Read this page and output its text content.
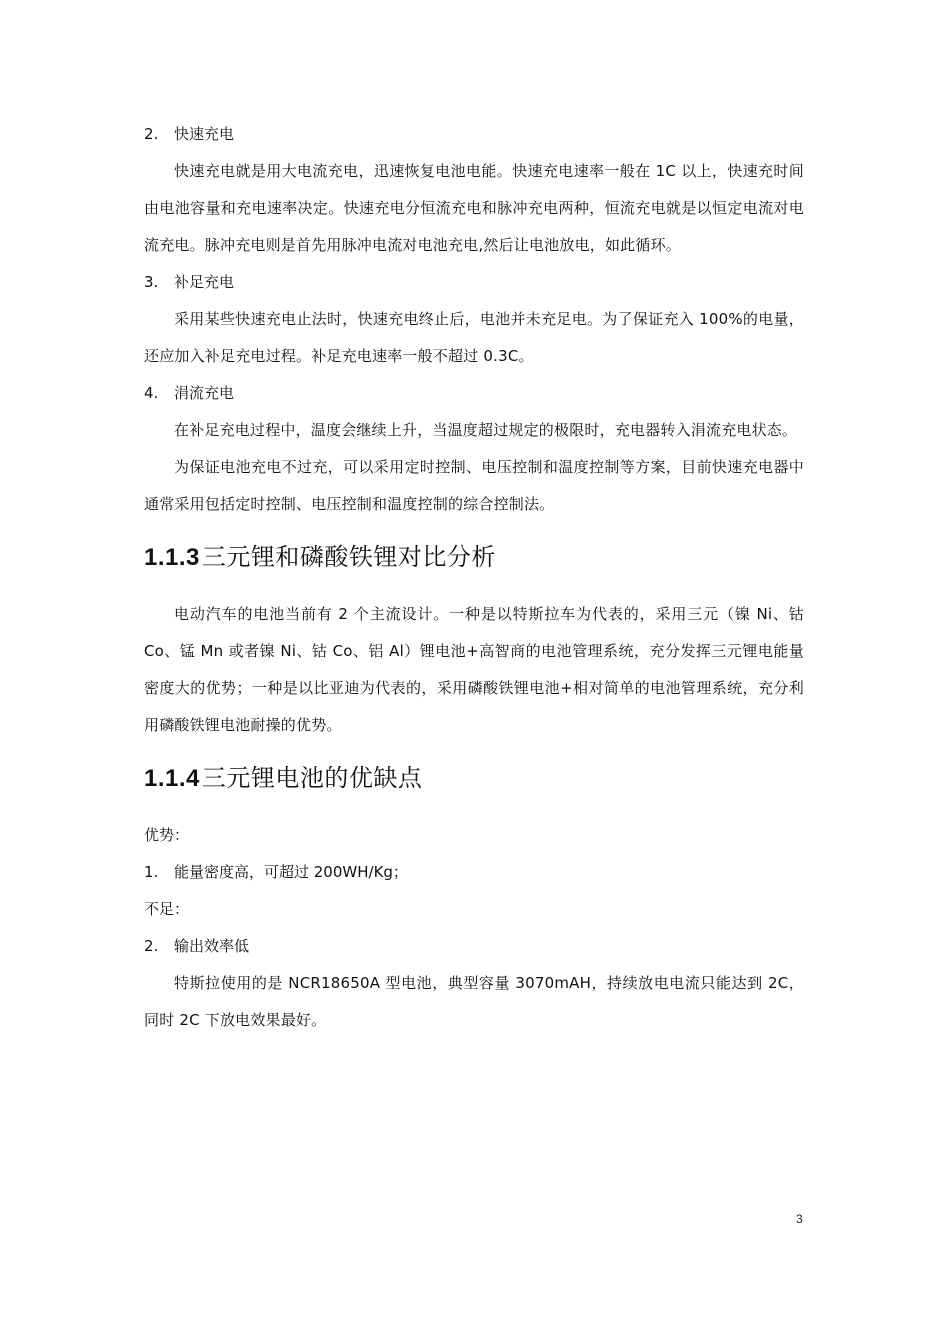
2.	快速充电

快速充电就是用大电流充电，迅速恢复电池电能。快速充电速率一般在 1C 以上，快速充时间由电池容量和充电速率决定。快速充电分恒流充电和脉冲充电两种，恒流充电就是以恒定电流对电流充电。脉冲充电则是首先用脉冲电流对电池充电,然后让电池放电，如此循环。

3.	补足充电

采用某些快速充电止法时，快速充电终止后，电池并未充足电。为了保证充入 100%的电量，还应加入补足充电过程。补足充电速率一般不超过 0.3C。

4.	涓流充电

在补足充电过程中，温度会继续上升，当温度超过规定的极限时，充电器转入涓流充电状态。

为保证电池充电不过充，可以采用定时控制、电压控制和温度控制等方案，目前快速充电器中通常采用包括定时控制、电压控制和温度控制的综合控制法。

1.1.3三元锂和磷酸铁锂对比分析

电动汽车的电池当前有 2 个主流设计。一种是以特斯拉车为代表的，采用三元（镍 Ni、钴 Co、锰 Mn 或者镍 Ni、钴 Co、铝 Al）锂电池+高智商的电池管理系统，充分发挥三元锂电能量密度大的优势；一种是以比亚迪为代表的，采用磷酸铁锂电池+相对简单的电池管理系统，充分利用磷酸铁锂电池耐操的优势。

1.1.4三元锂电池的优缺点

优势：

1.	能量密度高，可超过 200WH/Kg；

不足：

2.	输出效率低

特斯拉使用的是 NCR18650A 型电池，典型容量 3070mAH，持续放电电流只能达到 2C，同时 2C 下放电效果最好。

3
